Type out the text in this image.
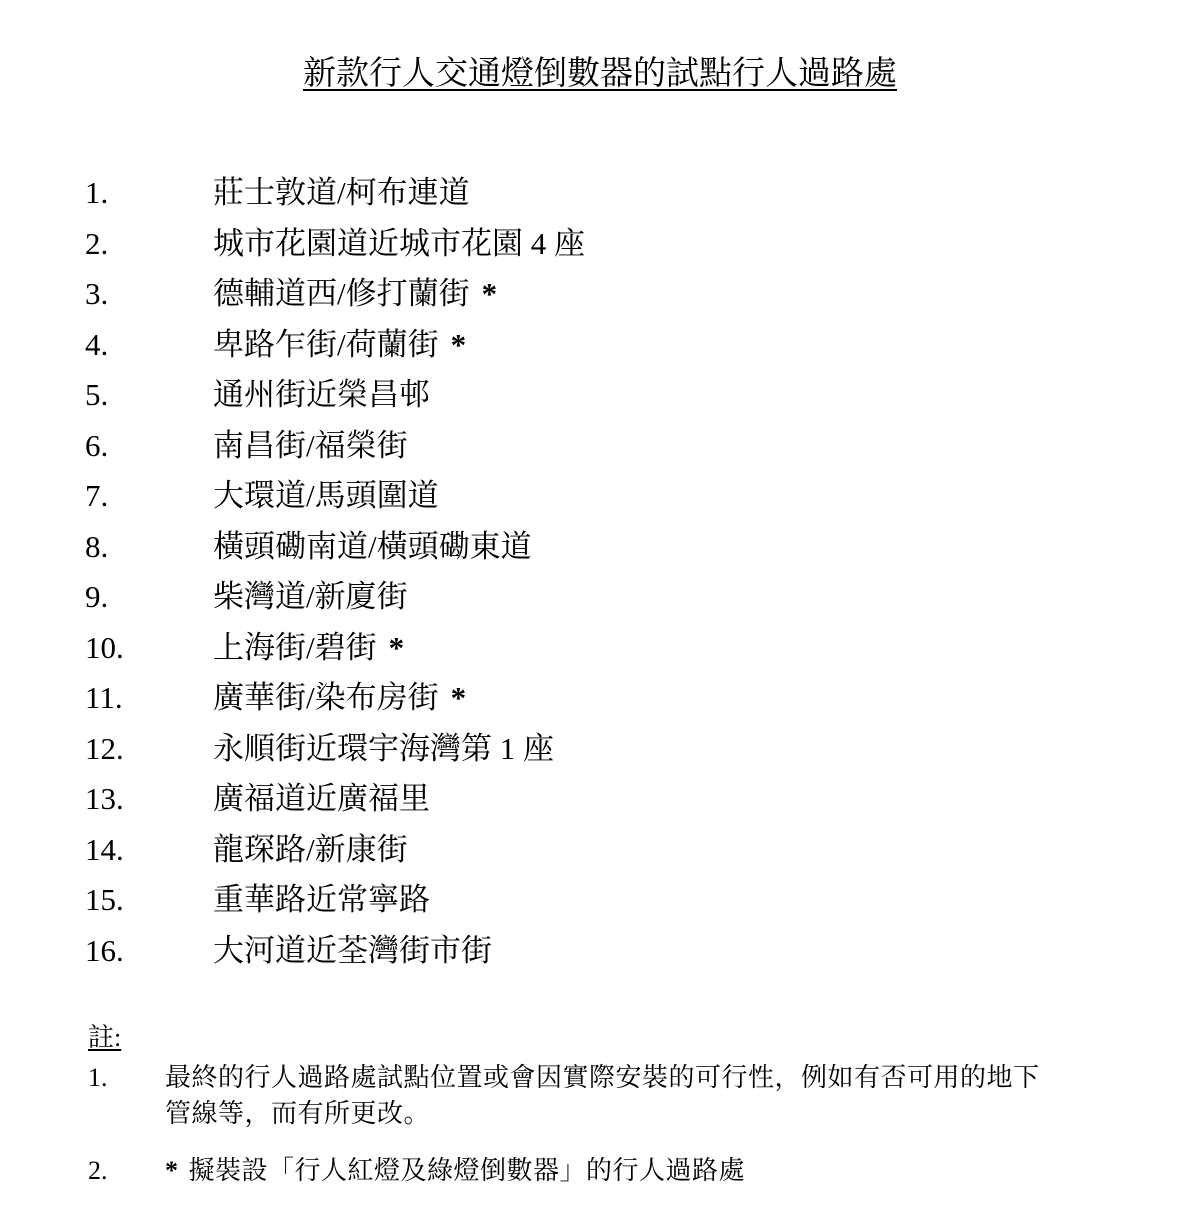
新款行人交通燈倒數器的試點行人過路處
1.	莊士敦道/柯布連道
2.	城市花園道近城市花園 4 座
3.	德輔道西/修打蘭街 *
4.	卑路乍街/荷蘭街 *
5.	通州街近榮昌邨
6.	南昌街/福榮街
7.	大環道/馬頭圍道
8.	橫頭磡南道/橫頭磡東道
9.	柴灣道/新廈街
10.	上海街/碧街 *
11.	廣華街/染布房街 *
12.	永順街近環宇海灣第 1 座
13.	廣福道近廣福里
14.	龍琛路/新康街
15.	重華路近常寧路
16.	大河道近荃灣街市街
註:
1. 最終的行人過路處試點位置或會因實際安裝的可行性，例如有否可用的地下
管線等，而有所更改。
2. * 擬裝設「行人紅燈及綠燈倒數器」的行人過路處
